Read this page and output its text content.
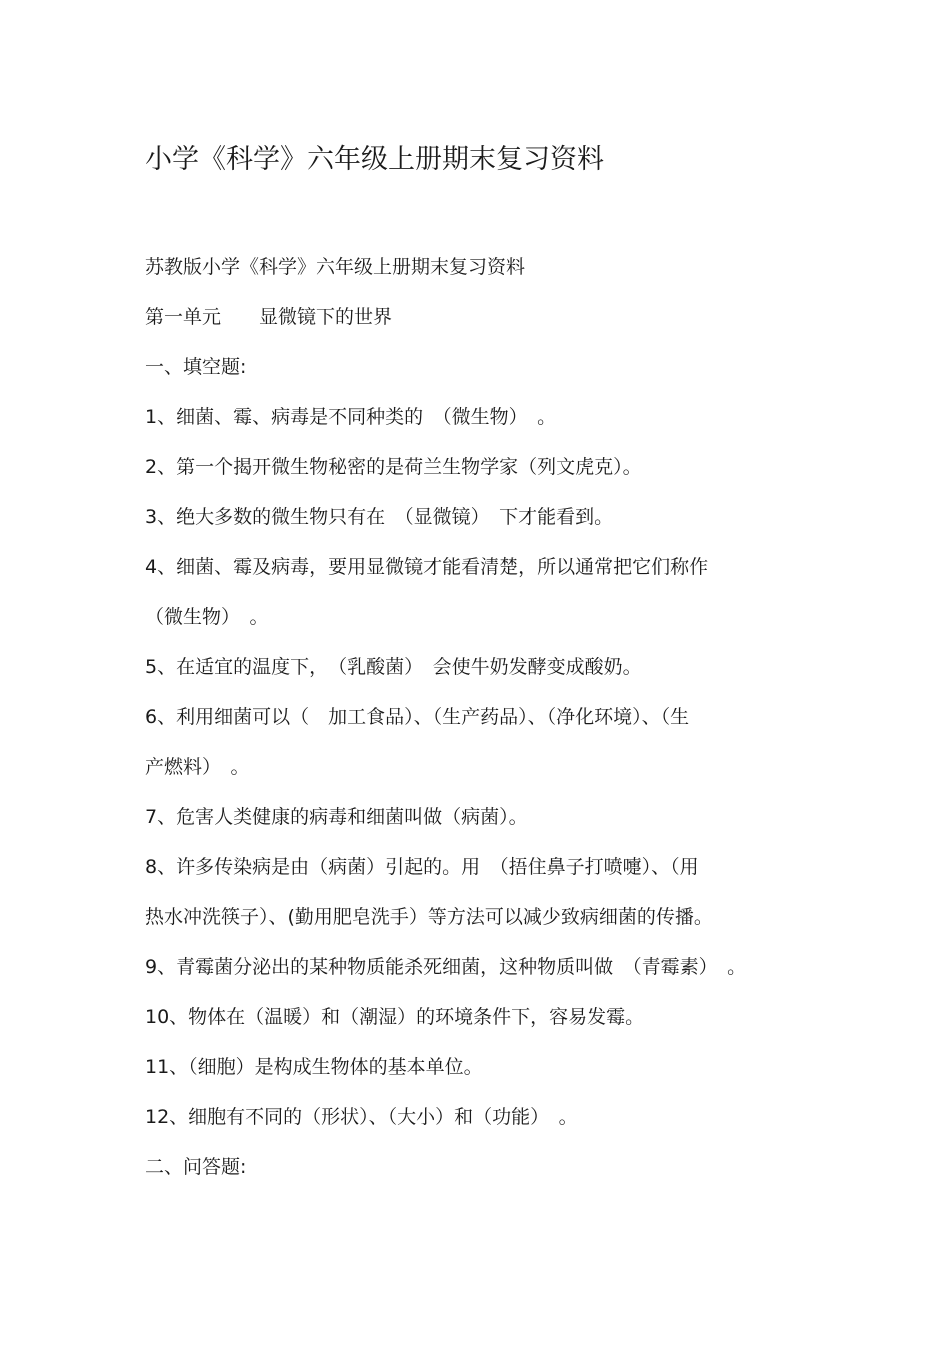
小学《科学》六年级上册期末复习资料
苏教版小学《科学》六年级上册期末复习资料
第一单元　　显微镜下的世界
一、填空题:
1、细菌、霉、病毒是不同种类的　（微生物）　。
2、第一个揭开微生物秘密的是荷兰生物学家（列文虎克）。
3、绝大多数的微生物只有在　（显微镜）　下才能看到。
4、细菌、霉及病毒，要用显微镜才能看清楚，所以通常把它们称作
（微生物）　。
5、在适宜的温度下，　（乳酸菌）　会使牛奶发酵变成酸奶。
6、利用细菌可以（　加工食品）、（生产药品）、（净化环境）、（生
产燃料）　。
7、危害人类健康的病毒和细菌叫做（病菌）。
8、许多传染病是由（病菌）引起的。用　（捂住鼻子打喷嚏）、（用
热水冲洗筷子）、(勤用肥皂洗手）等方法可以减少致病细菌的传播。
9、青霉菌分泌出的某种物质能杀死细菌，这种物质叫做　（青霉素）　。
10、物体在（温暖）和（潮湿）的环境条件下，容易发霉。
11、（细胞）是构成生物体的基本单位。
12、细胞有不同的（形状）、（大小）和（功能）　。
二、问答题:
